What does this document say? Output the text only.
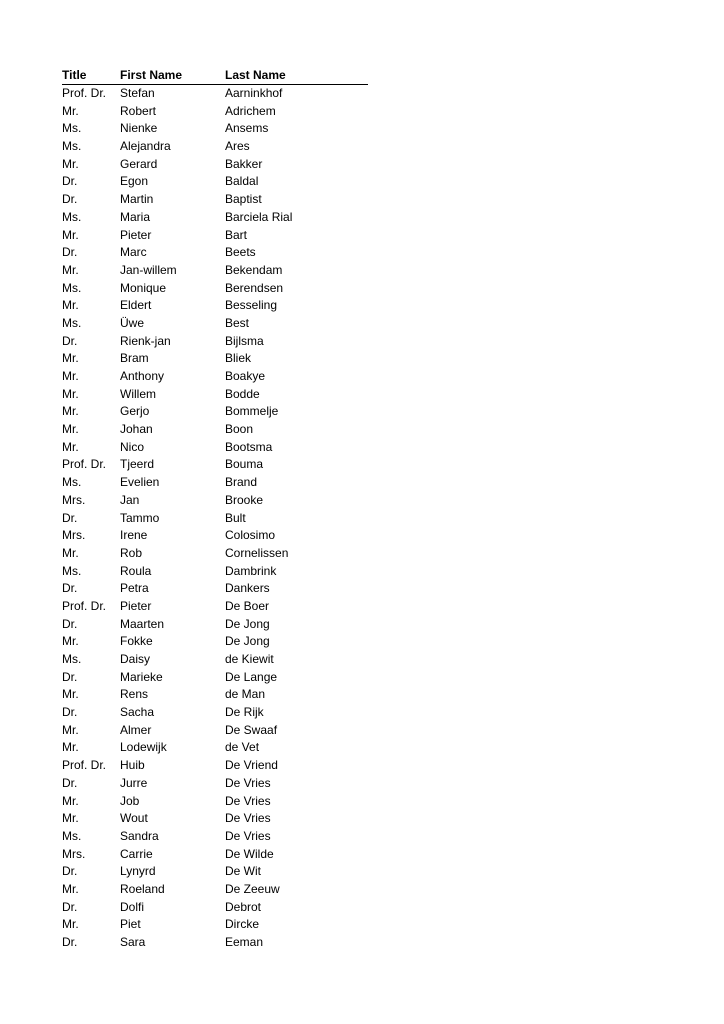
Title	First Name	Last Name
Prof. Dr.	Stefan	Aarninkhof
Mr.	Robert	Adrichem
Ms.	Nienke	Ansems
Ms.	Alejandra	Ares
Mr.	Gerard	Bakker
Dr.	Egon	Baldal
Dr.	Martin	Baptist
Ms.	Maria	Barciela Rial
Mr.	Pieter	Bart
Dr.	Marc	Beets
Mr.	Jan-willem	Bekendam
Ms.	Monique	Berendsen
Mr.	Eldert	Besseling
Ms.	Üwe	Best
Dr.	Rienk-jan	Bijlsma
Mr.	Bram	Bliek
Mr.	Anthony	Boakye
Mr.	Willem	Bodde
Mr.	Gerjo	Bommelje
Mr.	Johan	Boon
Mr.	Nico	Bootsma
Prof. Dr.	Tjeerd	Bouma
Ms.	Evelien	Brand
Mrs.	Jan	Brooke
Dr.	Tammo	Bult
Mrs.	Irene	Colosimo
Mr.	Rob	Cornelissen
Ms.	Roula	Dambrink
Dr.	Petra	Dankers
Prof. Dr.	Pieter	De Boer
Dr.	Maarten	De Jong
Mr.	Fokke	De Jong
Ms.	Daisy	de Kiewit
Dr.	Marieke	De Lange
Mr.	Rens	de Man
Dr.	Sacha	De Rijk
Mr.	Almer	De Swaaf
Mr.	Lodewijk	de Vet
Prof. Dr.	Huib	De Vriend
Dr.	Jurre	De Vries
Mr.	Job	De Vries
Mr.	Wout	De Vries
Ms.	Sandra	De Vries
Mrs.	Carrie	De Wilde
Dr.	Lynyrd	De Wit
Mr.	Roeland	De Zeeuw
Dr.	Dolfi	Debrot
Mr.	Piet	Dircke
Dr.	Sara	Eeman
